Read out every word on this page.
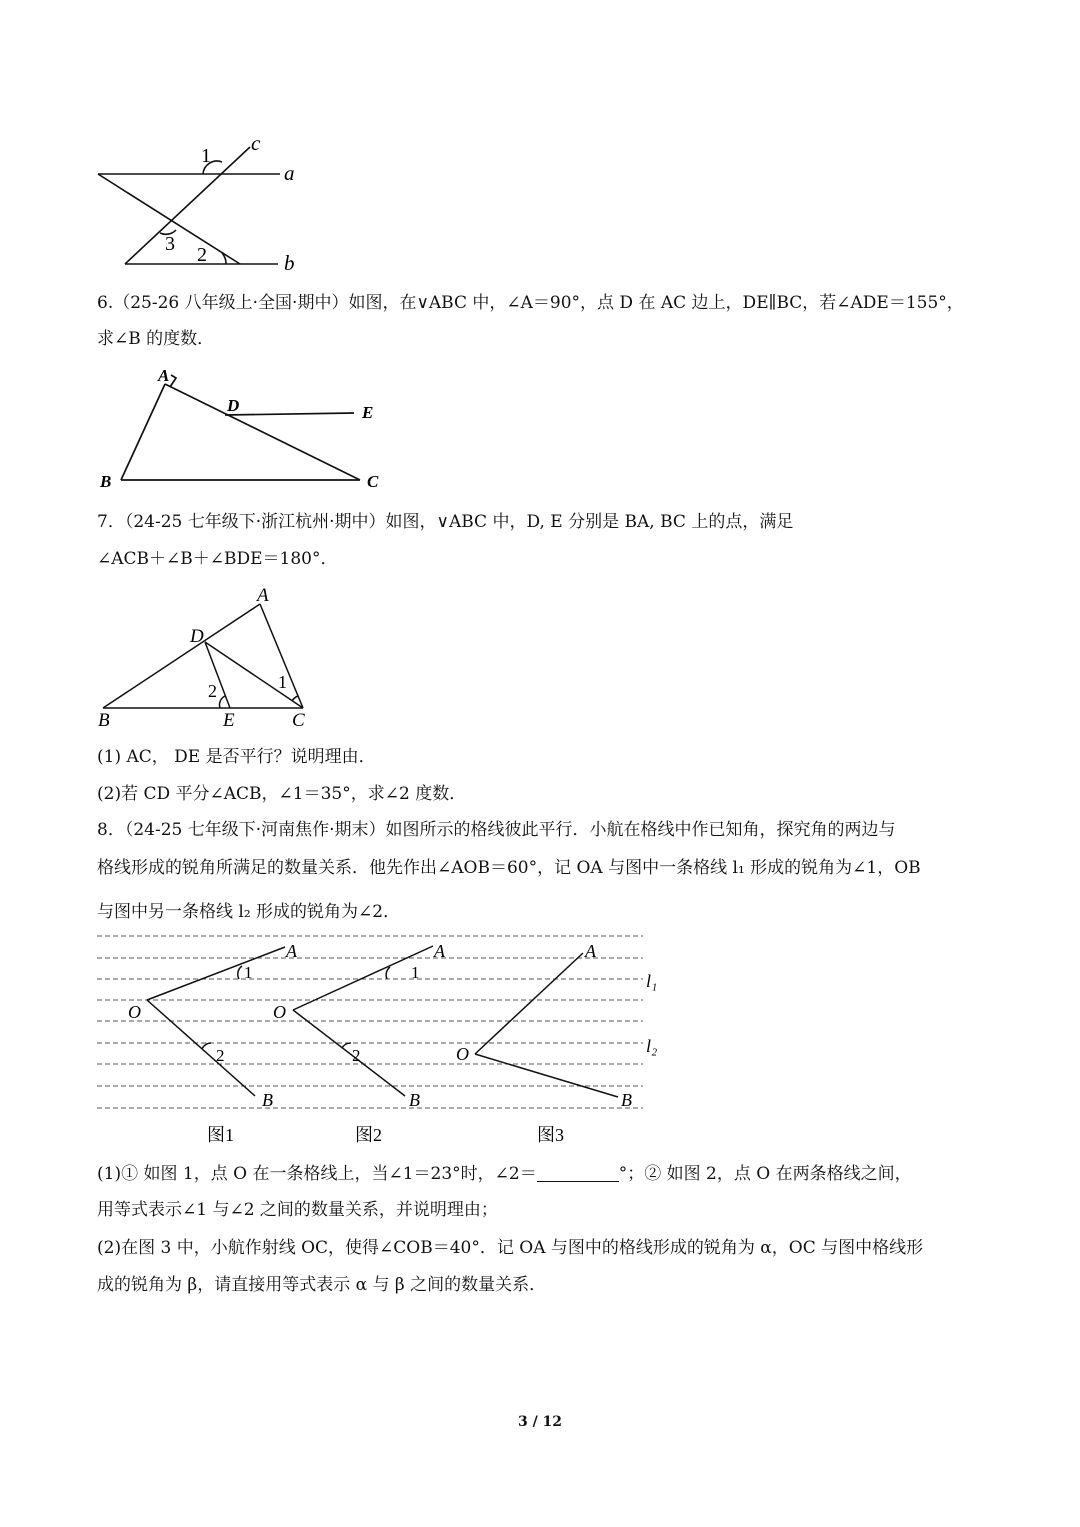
1
c
a
3 2	b
6.（25-26 八年级上·全国·期中）如图，在∨ABC 中，∠A＝90°，点 D 在 AC 边上，DE∥BC，若∠ADE＝155°，
求∠B 的度数．
A
D	E
B	C
7．（24-25 七年级下·浙江杭州·期中）如图，∨ABC 中，D, E 分别是 BA, BC 上的点，满足
∠ACB＋∠B＋∠BDE＝180°．
A
D
1
2
B	E	C
(1) AC， DE 是否平行？说明理由．
(2)若 CD 平分∠ACB，∠1＝35°，求∠2 度数．
8．（24-25 七年级下·河南焦作·期末）如图所示的格线彼此平行．小航在格线中作已知角，探究角的两边与
格线形成的锐角所满足的数量关系．他先作出∠AOB＝60°，记 OA 与图中一条格线 l₁ 形成的锐角为∠1，OB
与图中另一条格线 l₂ 形成的锐角为∠2．
A
1
O
2
B
A
1
O
2
B
A
l₁
O	l₂
B
图1	图2	图3
(1)① 如图 1，点 O 在一条格线上，当∠1＝23°时，∠2＝	°；② 如图 2，点 O 在两条格线之间，
用等式表示∠1 与∠2 之间的数量关系，并说明理由；
(2)在图 3 中，小航作射线 OC，使得∠COB＝40°．记 OA 与图中的格线形成的锐角为 α，OC 与图中格线形
成的锐角为 β，请直接用等式表示 α 与 β 之间的数量关系．
3 / 12
